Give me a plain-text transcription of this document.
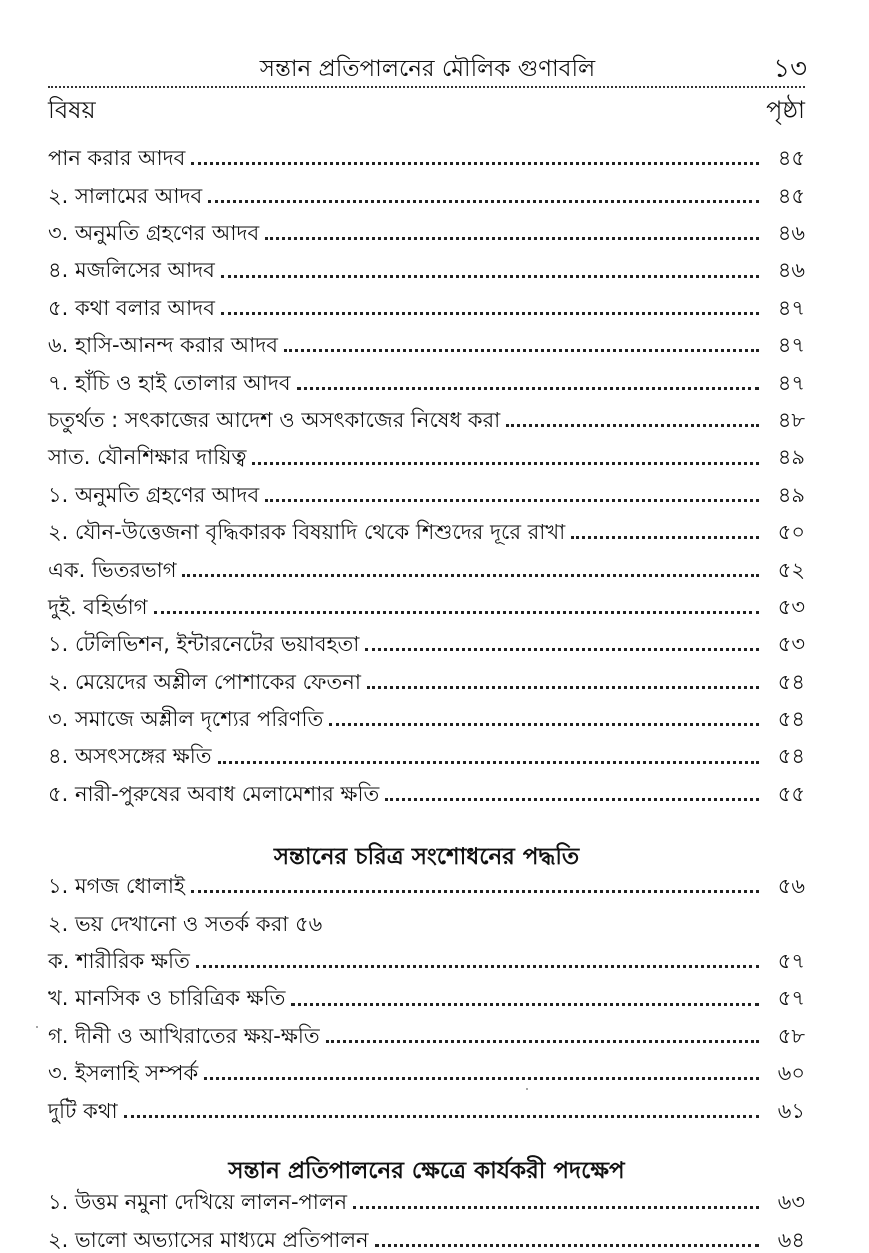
সন্তান প্রতিপালনের মৌলিক গুণাবলি	১৩
বিষয়	পৃষ্ঠা
পান করার আদব	৪৫
২. সালামের আদব	৪৫
৩. অনুমতি গ্রহণের আদব	৪৬
৪. মজলিসের আদব	৪৬
৫. কথা বলার আদব	৪৭
৬. হাসি-আনন্দ করার আদব	৪৭
৭. হাঁচি ও হাই তোলার আদব	৪৭
চতুর্থত : সৎকাজের আদেশ ও অসৎকাজের নিষেধ করা	৪৮
সাত. যৌনশিক্ষার দায়িত্ব	৪৯
১. অনুমতি গ্রহণের আদব	৪৯
২. যৌন-উত্তেজনা বৃদ্ধিকারক বিষয়াদি থেকে শিশুদের দূরে রাখা	৫০
এক. ভিতরভাগ	৫২
দুই. বহির্ভাগ	৫৩
১. টেলিভিশন, ইন্টারনেটের ভয়াবহতা	৫৩
২. মেয়েদের অশ্লীল পোশাকের ফেতনা	৫৪
৩. সমাজে অশ্লীল দৃশ্যের পরিণতি	৫৪
৪. অসৎসঙ্গের ক্ষতি	৫৪
৫. নারী-পুরুষের অবাধ মেলামেশার ক্ষতি	৫৫
সন্তানের চরিত্র সংশোধনের পদ্ধতি
১. মগজ ধোলাই	৫৬
২. ভয় দেখানো ও সতর্ক করা ৫৬
ক. শারীরিক ক্ষতি	৫৭
খ. মানসিক ও চারিত্রিক ক্ষতি	৫৭
গ. দীনী ও আখিরাতের ক্ষয়-ক্ষতি	৫৮
৩. ইসলাহি সম্পর্ক	৬০
দুটি কথা	৬১
সন্তান প্রতিপালনের ক্ষেত্রে কার্যকরী পদক্ষেপ
১. উত্তম নমুনা দেখিয়ে লালন-পালন	৬৩
২. ভালো অভ্যাসের মাধ্যমে প্রতিপালন	৬৪
